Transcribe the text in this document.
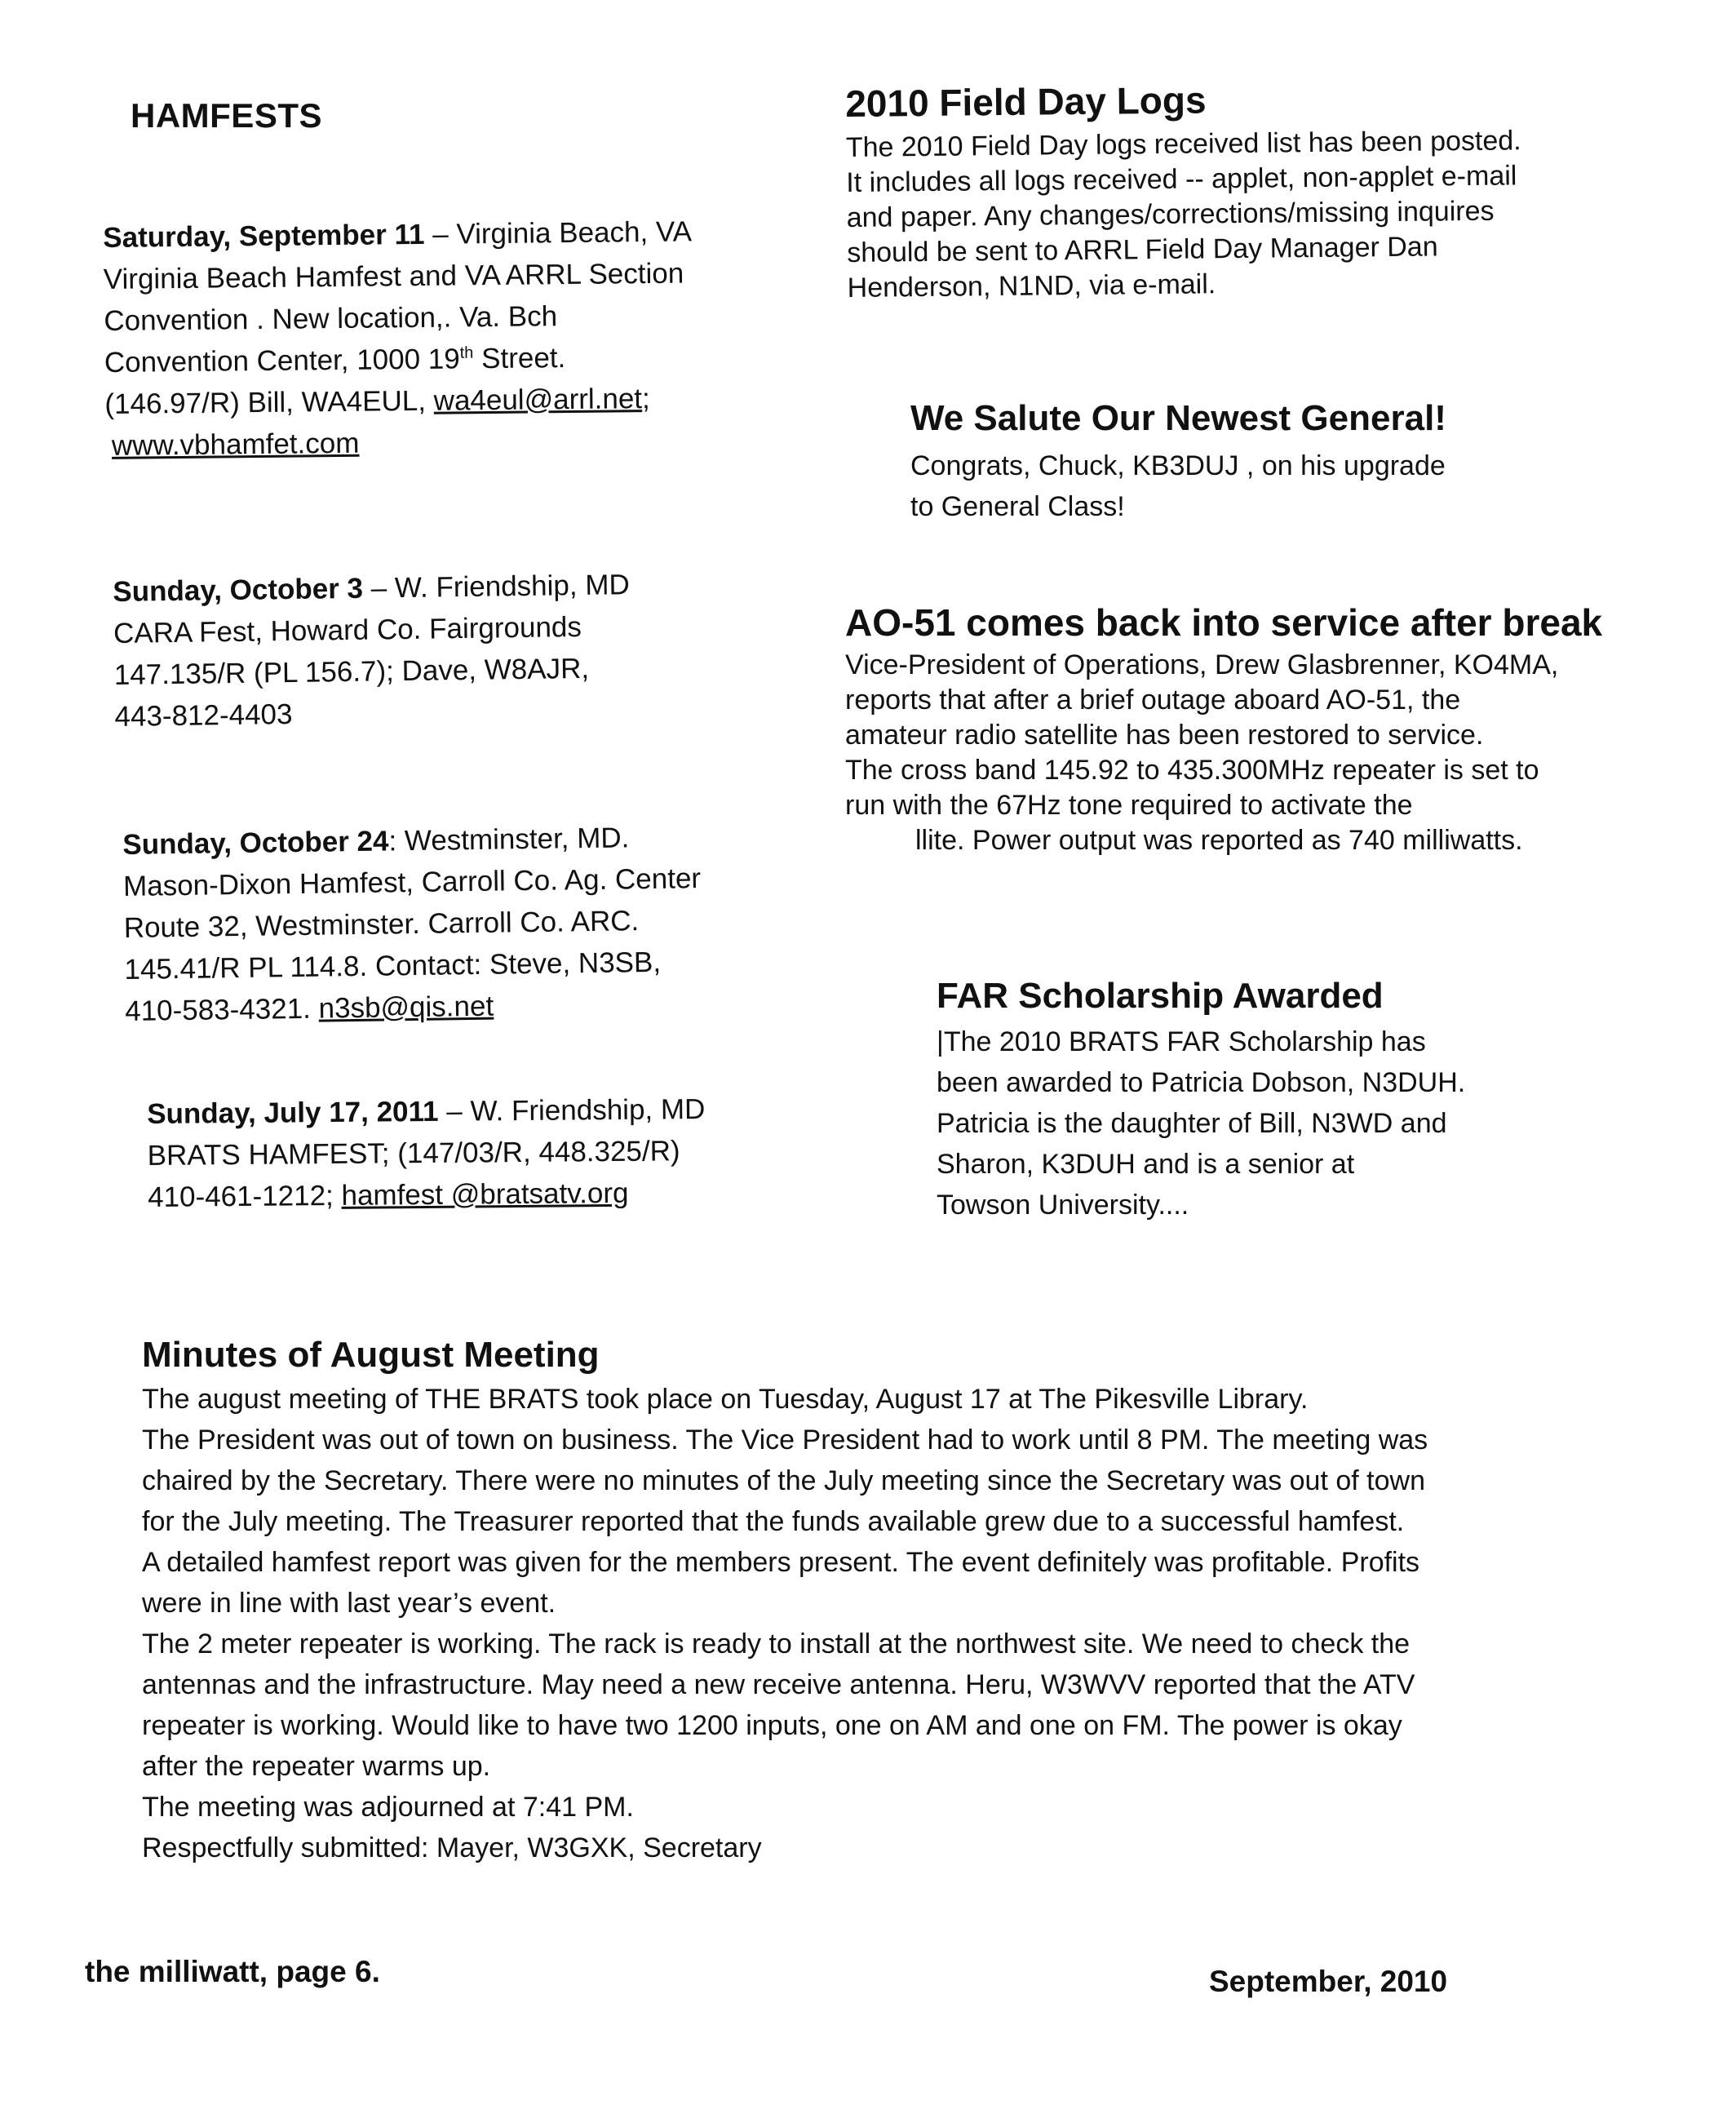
HAMFESTS
Saturday, September 11 – Virginia Beach, VA
Virginia Beach Hamfest and VA ARRL Section
Convention . New location,. Va. Bch
Convention Center, 1000 19th Street.
(146.97/R) Bill, WA4EUL, wa4eul@arrl.net;
www.vbhamfet.com
Sunday, October 3 – W. Friendship, MD
CARA Fest, Howard Co. Fairgrounds
147.135/R (PL 156.7); Dave, W8AJR,
443-812-4403
Sunday, October 24: Westminster, MD.
Mason-Dixon Hamfest, Carroll Co. Ag. Center
Route 32, Westminster. Carroll Co. ARC.
145.41/R PL 114.8. Contact: Steve, N3SB,
410-583-4321. n3sb@qis.net
Sunday, July 17, 2011 – W. Friendship, MD
BRATS HAMFEST; (147/03/R, 448.325/R)
410-461-1212; hamfest @bratsatv.org
2010 Field Day Logs
The 2010 Field Day logs received list has been posted.
It includes all logs received -- applet, non-applet e-mail
and paper. Any changes/corrections/missing inquires
should be sent to ARRL Field Day Manager Dan
Henderson, N1ND, via e-mail.
We Salute Our Newest General!
Congrats, Chuck, KB3DUJ , on his upgrade
to General Class!
AO-51 comes back into service after break
Vice-President of Operations, Drew Glasbrenner, KO4MA,
reports that after a brief outage aboard AO-51, the
amateur radio satellite has been restored to service.
The cross band 145.92 to 435.300MHz repeater is set to
run with the 67Hz tone required to activate the
llite. Power output was reported as 740 milliwatts.
FAR Scholarship Awarded
|The 2010 BRATS FAR Scholarship has
been awarded to Patricia Dobson, N3DUH.
Patricia is the daughter of Bill, N3WD and
Sharon, K3DUH and is a senior at
Towson University....
Minutes of August Meeting
The august meeting of THE BRATS took place on Tuesday, August 17 at The Pikesville Library.
The President was out of town on business. The Vice President had to work until 8 PM. The meeting was
chaired by the Secretary. There were no minutes of the July meeting since the Secretary was out of town
for the July meeting. The Treasurer reported that the funds available grew due to a successful hamfest.
A detailed hamfest report was given for the members present. The event definitely was profitable. Profits
were in line with last year’s event.
The 2 meter repeater is working. The rack is ready to install at the northwest site. We need to check the
antennas and the infrastructure. May need a new receive antenna. Heru, W3WVV reported that the ATV
repeater is working. Would like to have two 1200 inputs, one on AM and one on FM. The power is okay
after the repeater warms up.
The meeting was adjourned at 7:41 PM.
Respectfully submitted: Mayer, W3GXK, Secretary
the milliwatt, page 6.	September, 2010
